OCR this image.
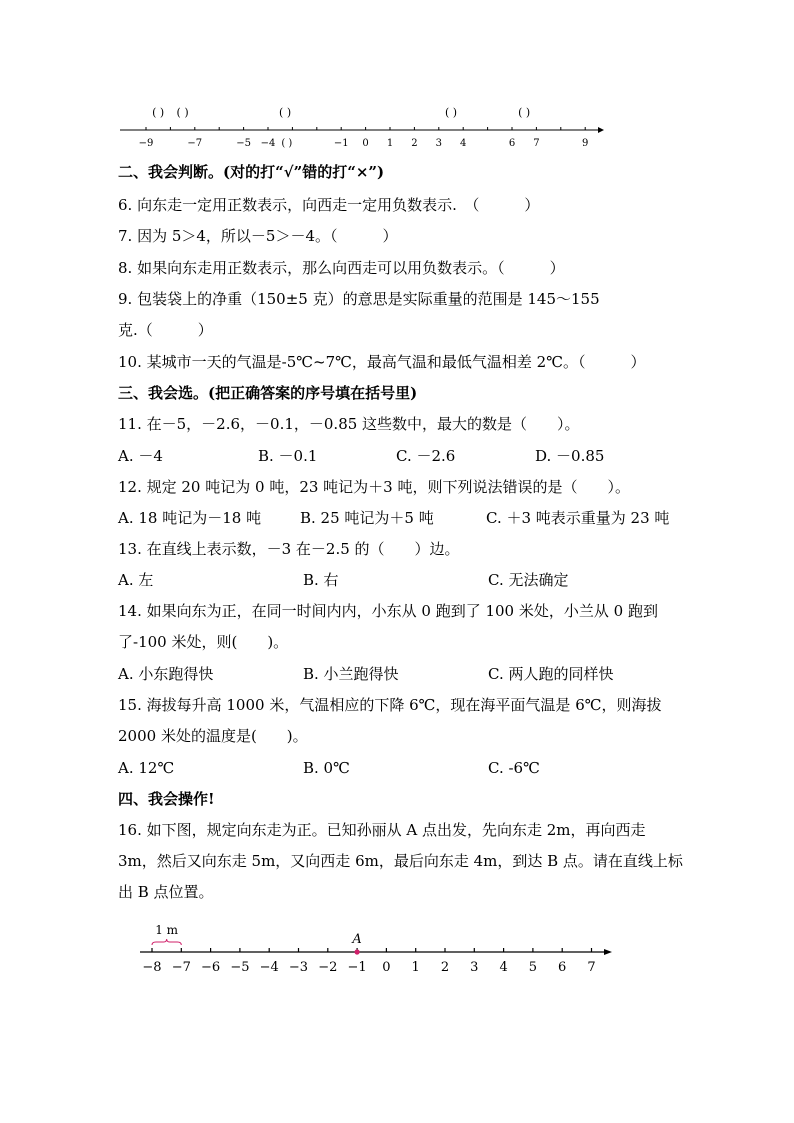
−9	−7	−5 −4	−1 0 1 2 3 4	6 7	9
( ) ( )	( )	( )	( )
( )
二、我会判断。(对的打“√”错的打“×”)
6. 向东走一定用正数表示，向西走一定用负数表示.　（　　　）
7. 因为 5＞4，所以－5＞－4。（　　　）
8. 如果向东走用正数表示，那么向西走可以用负数表示。（　　　）
9. 包装袋上的净重（150±5 克）的意思是实际重量的范围是 145～155
克.（　　　）
10. 某城市一天的气温是-5℃~7℃，最高气温和最低气温相差 2℃。（　　　）
三、我会选。(把正确答案的序号填在括号里)
11. 在－5，－2.6，－0.1，－0.85 这些数中，最大的数是（　　）。
A. －4	B. －0.1	C. －2.6	D. －0.85
12. 规定 20 吨记为 0 吨，23 吨记为＋3 吨，则下列说法错误的是（　　）。
A. 18 吨记为－18 吨	B. 25 吨记为＋5 吨	C. ＋3 吨表示重量为 23 吨
13. 在直线上表示数，－3 在－2.5 的（　　）边。
A. 左	B. 右	C. 无法确定
14. 如果向东为正，在同一时间内内，小东从 0 跑到了 100 米处，小兰从 0 跑到
了-100 米处，则(　　)。
A. 小东跑得快	B. 小兰跑得快	C. 两人跑的同样快
15. 海拔每升高 1000 米，气温相应的下降 6℃，现在海平面气温是 6℃，则海拔
2000 米处的温度是(　　)。
A. 12℃	B. 0℃	C. -6℃
四、我会操作!
16. 如下图，规定向东走为正。已知孙丽从 A 点出发，先向东走 2m，再向西走
3m，然后又向东走 5m，又向西走 6m，最后向东走 4m，到达 B 点。请在直线上标
出 B 点位置。
−8 −7 −6 −5 −4 −3 −2 −1 0 1 2 3 4 5 6 7
1 m
A
